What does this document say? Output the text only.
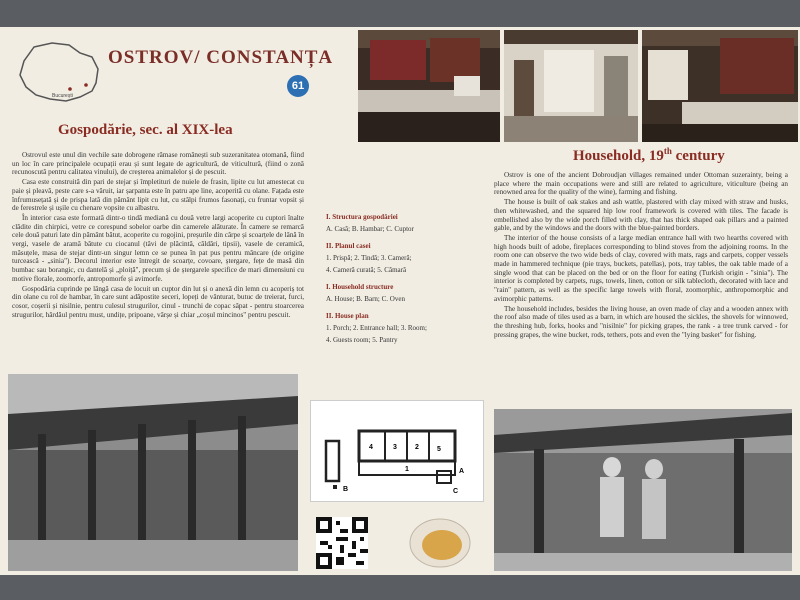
București
OSTROV/ CONSTANȚA
61
Gospodărie, sec. al XIX-lea

Ostrovul este unul din vechile sate dobrogene rămase românești sub suzeranitatea otomană, fiind un loc în care principalele ocupații erau și sunt legate de agricultură, de viticultură, (fiind o zonă recunoscută pentru calitatea vinului), de creșterea animalelor și de pescuit.

Casa este construită din pari de stejar și împletituri de nuiele de frasin, lipite cu lut amestecat cu paie și pleavă, peste care s-a văruit, iar șarpanta este în patru ape line, acoperită cu olane. Fațada este înfrumusețată și de prispa lată din pământ lipit cu lut, cu stâlpi frumos fasonați, cu fruntar vopsit și de ferestrele și ușile cu chenare vopsite cu albastru.

În interior casa este formată dintr-o tindă mediană cu două vetre largi acoperite cu cuptori înalte clădite din chirpici, vetre ce corespund sobelor oarbe din camerele alăturate. În camere se remarcă cele două paturi late din pământ bătut, acoperite cu rogojini, preșurile din cârpe și scoarțele de lână în vergi, vasele de aramă bătute cu ciocanul (tăvi de plăcintă, căldări, tipsii), vasele de ceramică, măsuțele, masa de stejar dintr-un singur lemn ce se punea în pat pus pentru mâncare (de origine turcească - „sinia"). Decorul interior este întregit de scoarțe, covoare, ștergare, fețe de masă din bumbac sau borangic, cu dantelă și „ploiță", precum și de ștergarele specifice de mari dimensiuni cu motive florale, zoomorfe, antropomorfe și avimorfe.

Gospodăria cuprinde pe lângă casa de locuit un cuptor din lut și o anexă din lemn cu acoperiș tot din olane cu rol de hambar, în care sunt adăpostite seceri, lopeți de vânturat, butuc de treierat, furci, cosor, coșerii și nisilnie, pentru culesul strugurilor, cinul - trunchi de copac săpat - pentru stoarcerea strugurilor, hârdăul pentru must, undițe, pripoane, vârșe și chiar „coșul mincinos" pentru pescuit.

Household, 19th century

Ostrov is one of the ancient Dobroudjan villages remained under Ottoman suzerainty, being a place where the main occupations were and still are related to agriculture, viticulture (being an renowned area for the quality of the wine), farming and fishing.

The house is built of oak stakes and ash wattle, plastered with clay mixed with straw and husks, then whitewashed, and the squared hip low roof framework is covered with tiles. The facade is embellished also by the wide porch filled with clay, that has thick shaped oak pillars and a painted gable, and by the windows and the doors with the blue-painted borders.

The interior of the house consists of a large median entrance hall with two hearths covered with high hoods built of adobe, fireplaces corresponding to blind stoves from the adjoining rooms. In the room one can observe the two wide beds of clay, covered with mats, rags and carpets, copper vessels made in hammered technique (pie trays, buckets, patellas), pots, tray tables, the oak table made of a single wood that can be placed on the bed or on the floor for eating (Turkish origin - "sinia"). The interior is completed by carpets, rugs, towels, linen, cotton or silk tablecloth, decorated with lace and "rain" pattern, as well as the specific large towels with floral, zoomorphic, anthropomorphic and avimorphic patterns.

The household includes, besides the living house, an oven made of clay and a wooden annex with the roof also made of tiles used as a barn, in which are housed the sickles, the shovels for winnowed, the threshing hub, forks, hooks and "nisilnie" for picking grapes, the rank - a tree trunk carved - for pressing grapes, the wine bucket, rods, tethers, pots and even the "lying basket" for fishing.

I. Structura gospodăriei
A. Casă; B. Hambar; C. Cuptor
II. Planul casei
1. Prispă; 2. Tindă; 3. Cameră;
4. Cameră curată; 5. Cămară
I. Household structure
A. House; B. Barn; C. Oven
II. House plan
1. Porch; 2. Entrance hall; 3. Room;
4. Guests room; 5. Pantry
4	3	2	5
1	A
B	C
